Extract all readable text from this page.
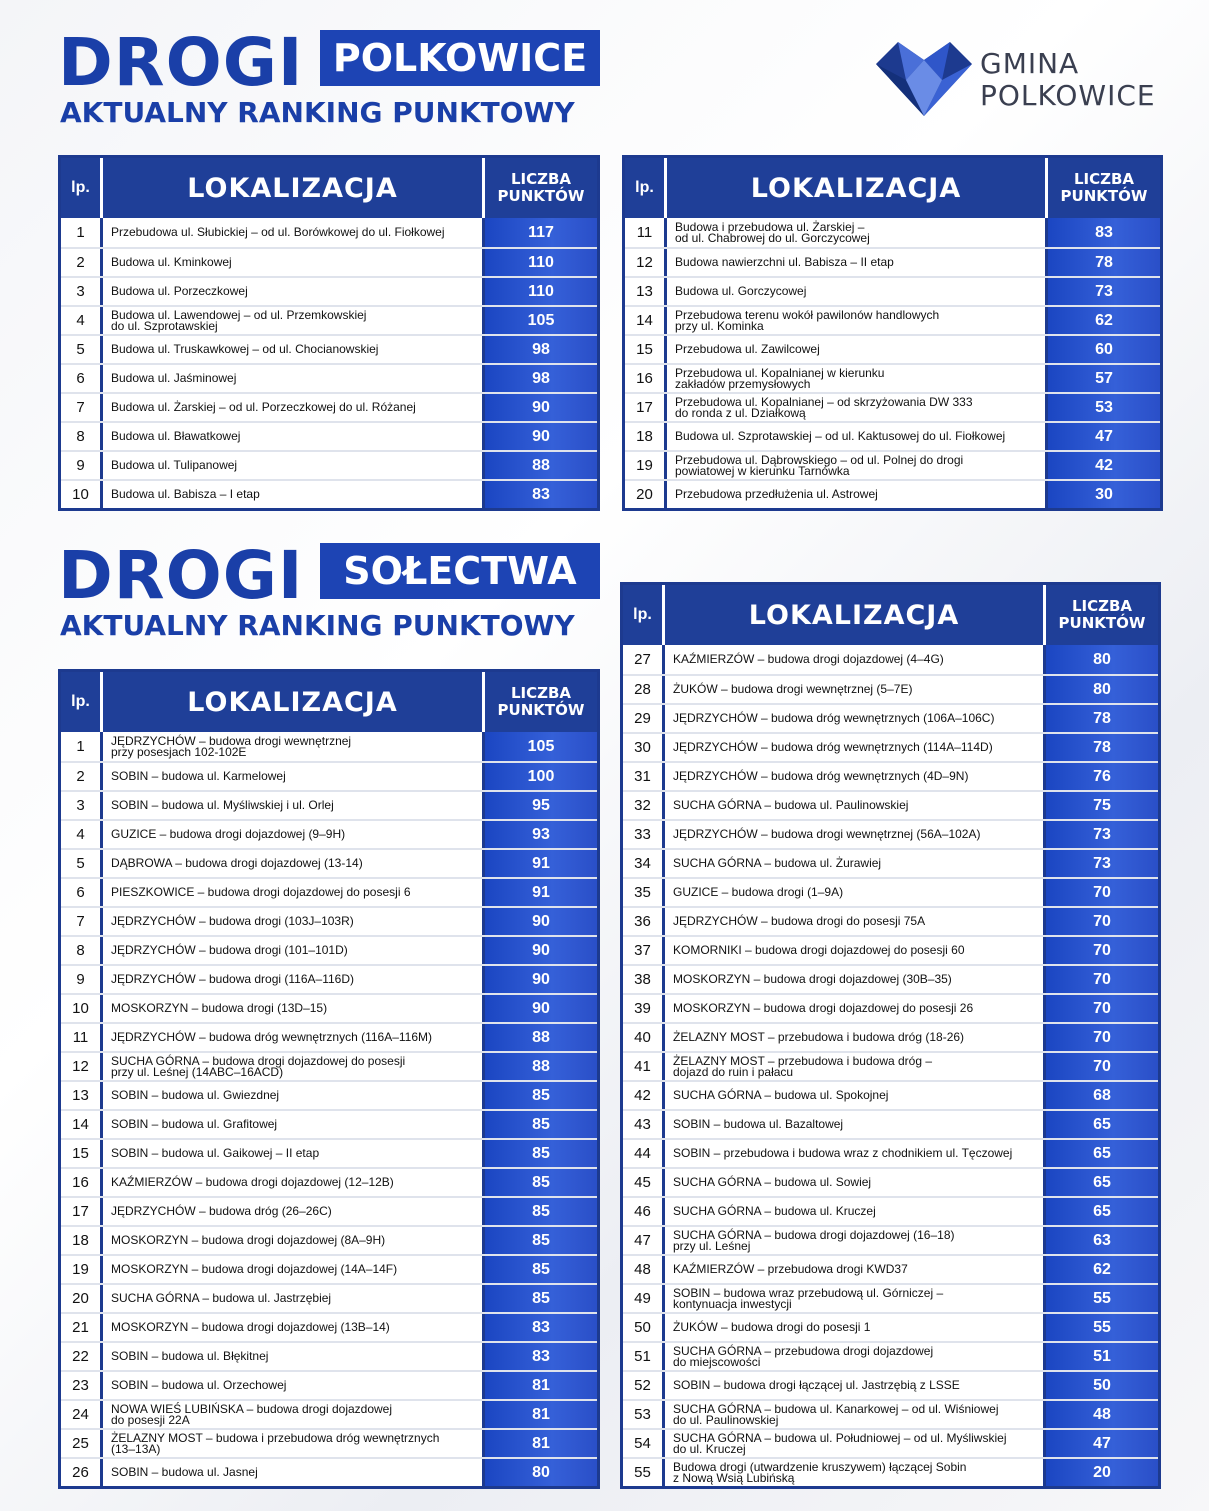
DROGI POLKOWICE
AKTUALNY RANKING PUNKTOWY
GMINA
POLKOWICE
lp.	LOKALIZACJA	LICZBA
PUNKTÓW
1	Przebudowa ul. Słubickiej – od ul. Borówkowej do ul. Fiołkowej	117
2	Budowa ul. Kminkowej	110
3	Budowa ul. Porzeczkowej	110
4	Budowa ul. Lawendowej – od ul. Przemkowskiej
do ul. Szprotawskiej	105
5	Budowa ul. Truskawkowej – od ul. Chocianowskiej	98
6	Budowa ul. Jaśminowej	98
7	Budowa ul. Żarskiej – od ul. Porzeczkowej do ul. Różanej	90
8	Budowa ul. Bławatkowej	90
9	Budowa ul. Tulipanowej	88
10	Budowa ul. Babisza – I etap	83
lp.	LOKALIZACJA	LICZBA
PUNKTÓW
11	Budowa i przebudowa ul. Żarskiej –
od ul. Chabrowej do ul. Gorczycowej	83
12	Budowa nawierzchni ul. Babisza – II etap	78
13	Budowa ul. Gorczycowej	73
14	Przebudowa terenu wokół pawilonów handlowych
przy ul. Kominka	62
15	Przebudowa ul. Zawilcowej	60
16	Przebudowa ul. Kopalnianej w kierunku
zakładów przemysłowych	57
17	Przebudowa ul. Kopalnianej – od skrzyżowania DW 333
do ronda z ul. Działkową	53
18	Budowa ul. Szprotawskiej – od ul. Kaktusowej do ul. Fiołkowej	47
19	Przebudowa ul. Dąbrowskiego – od ul. Polnej do drogi
powiatowej w kierunku Tarnówka	42
20	Przebudowa przedłużenia ul. Astrowej	30
DROGI	SOŁECTWA
AKTUALNY RANKING PUNKTOWY
lp.	LOKALIZACJA	LICZBA
PUNKTÓW
1	JĘDRZYCHÓW – budowa drogi wewnętrznej
przy posesjach 102-102E	105
2	SOBIN – budowa ul. Karmelowej	100
3	SOBIN – budowa ul. Myśliwskiej i ul. Orlej	95
4	GUZICE – budowa drogi dojazdowej (9–9H)	93
5	DĄBROWA – budowa drogi dojazdowej (13-14)	91
6	PIESZKOWICE – budowa drogi dojazdowej do posesji 6	91
7	JĘDRZYCHÓW – budowa drogi (103J–103R)	90
8	JĘDRZYCHÓW – budowa drogi (101–101D)	90
9	JĘDRZYCHÓW – budowa drogi (116A–116D)	90
10	MOSKORZYN – budowa drogi (13D–15)	90
11	JĘDRZYCHÓW – budowa dróg wewnętrznych (116A–116M)	88
12	SUCHA GÓRNA – budowa drogi dojazdowej do posesji
przy ul. Leśnej (14ABC–16ACD)	88
13	SOBIN – budowa ul. Gwiezdnej	85
14	SOBIN – budowa ul. Grafitowej	85
15	SOBIN – budowa ul. Gaikowej – II etap	85
16	KAŹMIERZÓW – budowa drogi dojazdowej (12–12B)	85
17	JĘDRZYCHÓW – budowa dróg (26–26C)	85
18	MOSKORZYN – budowa drogi dojazdowej (8A–9H)	85
19	MOSKORZYN – budowa drogi dojazdowej (14A–14F)	85
20	SUCHA GÓRNA – budowa ul. Jastrzębiej	85
21	MOSKORZYN – budowa drogi dojazdowej (13B–14)	83
22	SOBIN – budowa ul. Błękitnej	83
23	SOBIN – budowa ul. Orzechowej	81
24	NOWA WIEŚ LUBIŃSKA – budowa drogi dojazdowej
do posesji 22A	81
25	ŻELAZNY MOST – budowa i przebudowa dróg wewnętrznych
(13–13A)	81
26	SOBIN – budowa ul. Jasnej	80
lp.	LOKALIZACJA	LICZBA
PUNKTÓW
27	KAŹMIERZÓW – budowa drogi dojazdowej (4–4G)	80
28	ŻUKÓW – budowa drogi wewnętrznej (5–7E)	80
29	JĘDRZYCHÓW – budowa dróg wewnętrznych (106A–106C)	78
30	JĘDRZYCHÓW – budowa dróg wewnętrznych (114A–114D)	78
31	JĘDRZYCHÓW – budowa dróg wewnętrznych (4D–9N)	76
32	SUCHA GÓRNA – budowa ul. Paulinowskiej	75
33	JĘDRZYCHÓW – budowa drogi wewnętrznej (56A–102A)	73
34	SUCHA GÓRNA – budowa ul. Żurawiej	73
35	GUZICE – budowa drogi (1–9A)	70
36	JĘDRZYCHÓW – budowa drogi do posesji 75A	70
37	KOMORNIKI – budowa drogi dojazdowej do posesji 60	70
38	MOSKORZYN – budowa drogi dojazdowej (30B–35)	70
39	MOSKORZYN – budowa drogi dojazdowej do posesji 26	70
40	ŻELAZNY MOST – przebudowa i budowa dróg (18-26)	70
41	ŻELAZNY MOST – przebudowa i budowa dróg –
dojazd do ruin i pałacu	70
42	SUCHA GÓRNA – budowa ul. Spokojnej	68
43	SOBIN – budowa ul. Bazaltowej	65
44	SOBIN – przebudowa i budowa wraz z chodnikiem ul. Tęczowej	65
45	SUCHA GÓRNA – budowa ul. Sowiej	65
46	SUCHA GÓRNA – budowa ul. Kruczej	65
47	SUCHA GÓRNA – budowa drogi dojazdowej (16–18)
przy ul. Leśnej	63
48	KAŹMIERZÓW – przebudowa drogi KWD37	62
49	SOBIN – budowa wraz przebudową ul. Górniczej –
kontynuacja inwestycji	55
50	ŻUKÓW – budowa drogi do posesji 1	55
51	SUCHA GÓRNA – przebudowa drogi dojazdowej
do miejscowości	51
52	SOBIN – budowa drogi łączącej ul. Jastrzębią z LSSE	50
53	SUCHA GÓRNA – budowa ul. Kanarkowej – od ul. Wiśniowej
do ul. Paulinowskiej	48
54	SUCHA GÓRNA – budowa ul. Południowej – od ul. Myśliwskiej
do ul. Kruczej	47
55	Budowa drogi (utwardzenie kruszywem) łączącej Sobin
z Nową Wsią Lubińską	20
